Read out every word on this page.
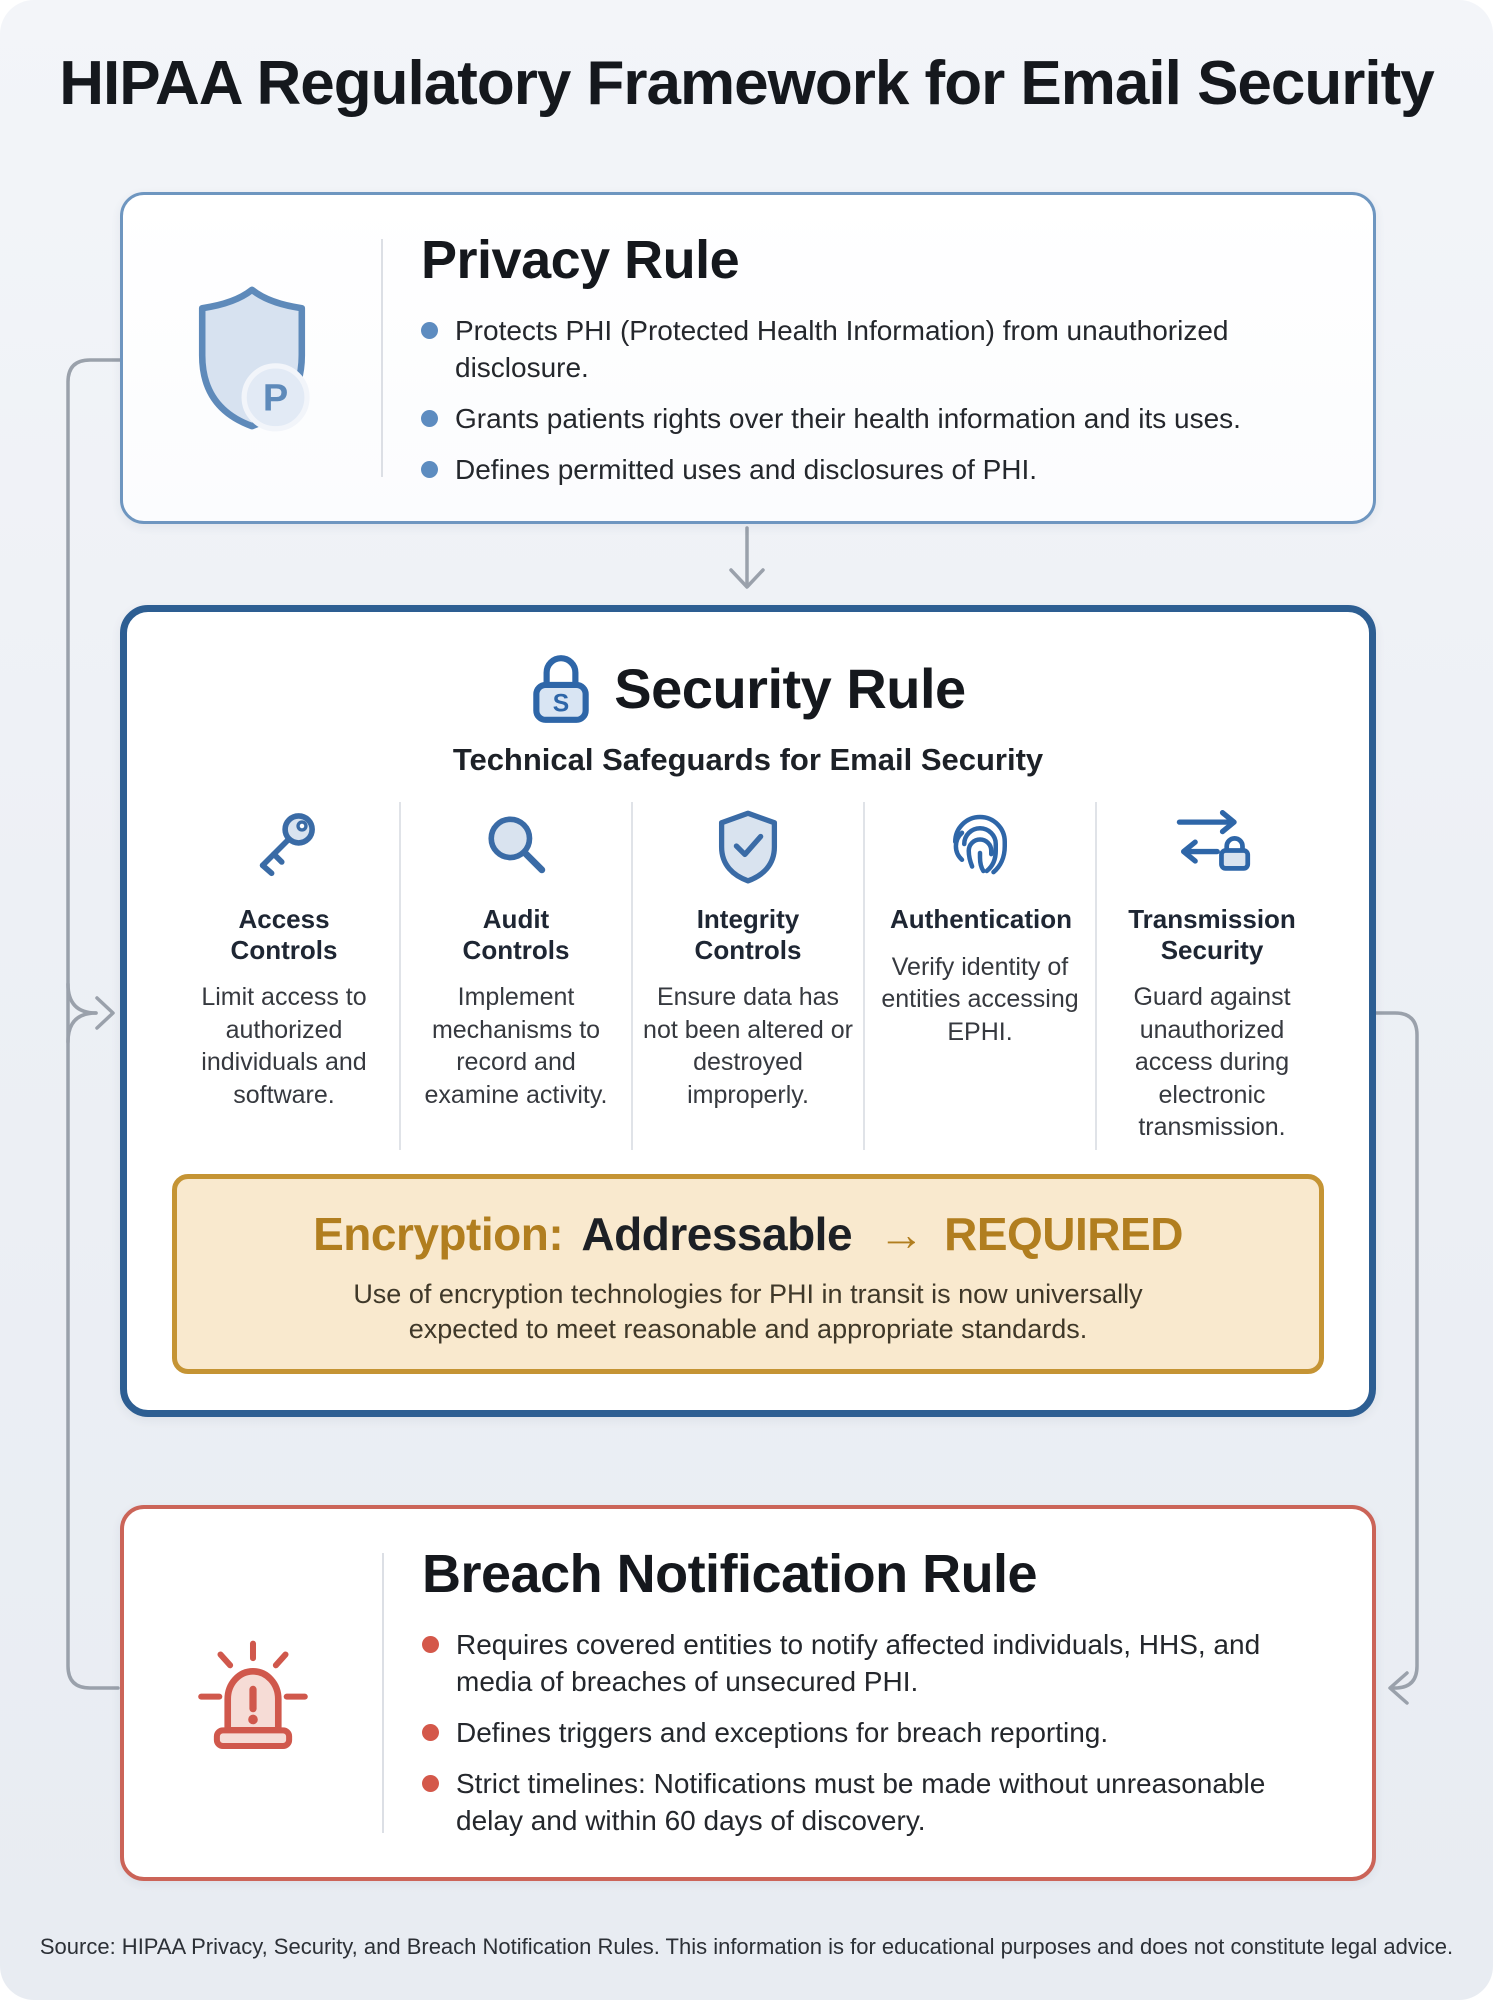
HIPAA Regulatory Framework for Email Security
P
Privacy Rule
Protects PHI (Protected Health Information) from unauthorized disclosure.
Grants patients rights over their health information and its uses.
Defines permitted uses and disclosures of PHI.
S Security Rule
Technical Safeguards for Email Security
Access Controls
Limit access to authorized individuals and software.
Audit Controls
Implement mechanisms to record and examine activity.
Integrity Controls
Ensure data has not been altered or destroyed improperly.
Authentication
Verify identity of entities accessing EPHI.
Transmission Security
Guard against unauthorized access during electronic transmission.
Encryption: Addressable → REQUIRED
Use of encryption technologies for PHI in transit is now universally expected to meet reasonable and appropriate standards.
Breach Notification Rule
Requires covered entities to notify affected individuals, HHS, and media of breaches of unsecured PHI.
Defines triggers and exceptions for breach reporting.
Strict timelines: Notifications must be made without unreasonable delay and within 60 days of discovery.
Source: HIPAA Privacy, Security, and Breach Notification Rules. This information is for educational purposes and does not constitute legal advice.
